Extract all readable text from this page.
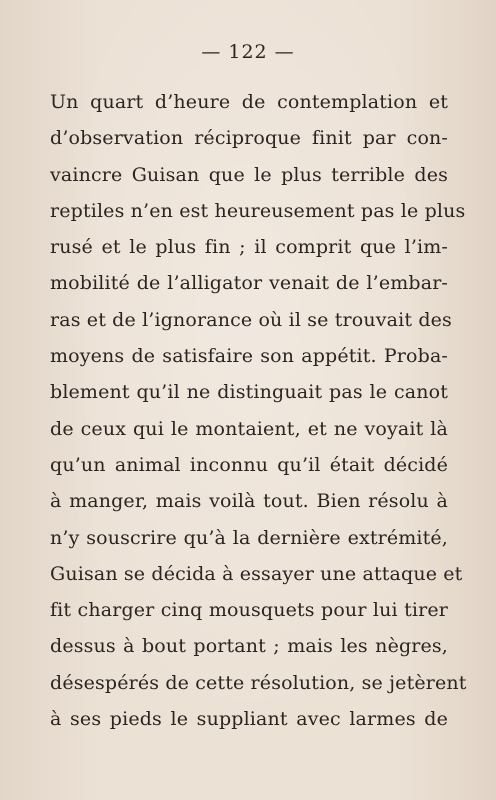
— 122 —
Un quart d’heure de contemplation et
d’observation réciproque finit par con-
vaincre Guisan que le plus terrible des
reptiles n’en est heureusement pas le plus
rusé et le plus fin ; il comprit que l’im-
mobilité de l’alligator venait de l’embar-
ras et de l’ignorance où il se trouvait des
moyens de satisfaire son appétit. Proba-
blement qu’il ne distinguait pas le canot
de ceux qui le montaient, et ne voyait là
qu’un animal inconnu qu’il était décidé
à manger, mais voilà tout. Bien résolu à
n’y souscrire qu’à la dernière extrémité,
Guisan se décida à essayer une attaque et
fit charger cinq mousquets pour lui tirer
dessus à bout portant ; mais les nègres,
désespérés de cette résolution, se jetèrent
à ses pieds le suppliant avec larmes de
